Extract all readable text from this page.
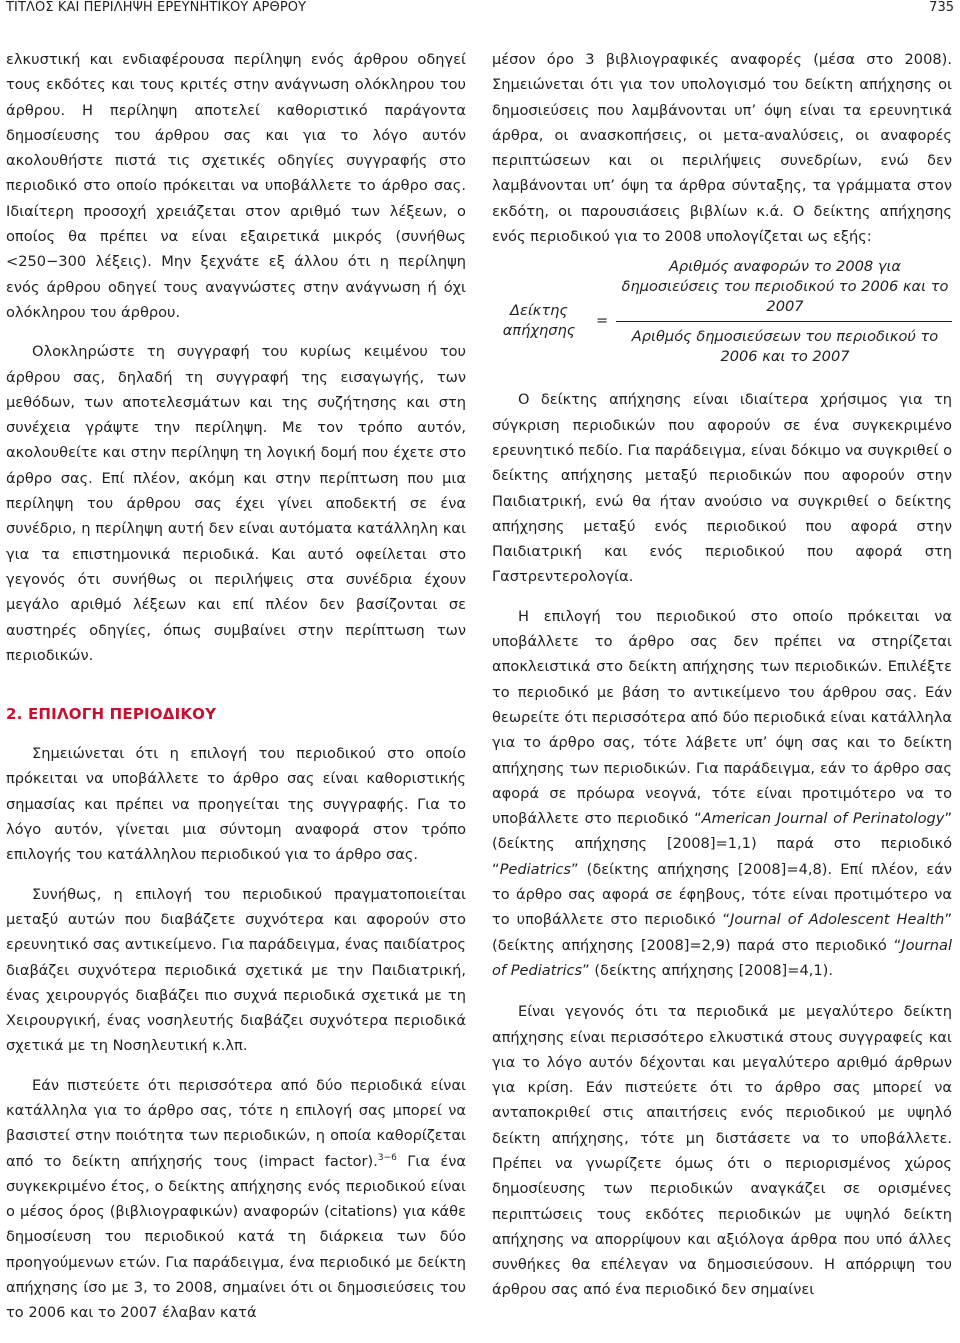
ΤΙΤΛΟΣ ΚΑΙ ΠΕΡΙΛΗΨΗ ΕΡΕΥΝΗΤΙΚΟΥ ΑΡΘΡΟΥ	735

ελκυστική και ενδιαφέρουσα περίληψη ενός άρθρου οδηγεί τους εκδότες και τους κριτές στην ανάγνωση ολόκληρου του άρθρου. Η περίληψη αποτελεί καθοριστικό παράγοντα δημοσίευσης του άρθρου σας και για το λόγο αυτόν ακολουθήστε πιστά τις σχετικές οδηγίες συγγραφής στο περιοδικό στο οποίο πρόκειται να υποβάλλετε το άρθρο σας. Ιδιαίτερη προσοχή χρειάζεται στον αριθμό των λέξεων, ο οποίος θα πρέπει να είναι εξαιρετικά μικρός (συνήθως <250−300 λέξεις). Μην ξεχνάτε εξ άλλου ότι η περίληψη ενός άρθρου οδηγεί τους αναγνώστες στην ανάγνωση ή όχι ολόκληρου του άρθρου.

Ολοκληρώστε τη συγγραφή του κυρίως κειμένου του άρθρου σας, δηλαδή τη συγγραφή της εισαγωγής, των μεθόδων, των αποτελεσμάτων και της συζήτησης και στη συνέχεια γράψτε την περίληψη. Με τον τρόπο αυτόν, ακολουθείτε και στην περίληψη τη λογική δομή που έχετε στο άρθρο σας. Επί πλέον, ακόμη και στην περίπτωση που μια περίληψη του άρθρου σας έχει γίνει αποδεκτή σε ένα συνέδριο, η περίληψη αυτή δεν είναι αυτόματα κατάλληλη και για τα επιστημονικά περιοδικά. Και αυτό οφείλεται στο γεγονός ότι συνήθως οι περιλήψεις στα συνέδρια έχουν μεγάλο αριθμό λέξεων και επί πλέον δεν βασίζονται σε αυστηρές οδηγίες, όπως συμβαίνει στην περίπτωση των περιοδικών.

2. ΕΠΙΛΟΓΗ ΠΕΡΙΟΔΙΚΟΥ

Σημειώνεται ότι η επιλογή του περιοδικού στο οποίο πρόκειται να υποβάλλετε το άρθρο σας είναι καθοριστικής σημασίας και πρέπει να προηγείται της συγγραφής. Για το λόγο αυτόν, γίνεται μια σύντομη αναφορά στον τρόπο επιλογής του κατάλληλου περιοδικού για το άρθρο σας.

Συνήθως, η επιλογή του περιοδικού πραγματοποιείται μεταξύ αυτών που διαβάζετε συχνότερα και αφορούν στο ερευνητικό σας αντικείμενο. Για παράδειγμα, ένας παιδίατρος διαβάζει συχνότερα περιοδικά σχετικά με την Παιδιατρική, ένας χειρουργός διαβάζει πιο συχνά περιοδικά σχετικά με τη Χειρουργική, ένας νοσηλευτής διαβάζει συχνότερα περιοδικά σχετικά με τη Νοσηλευτική κ.λπ.

Εάν πιστεύετε ότι περισσότερα από δύο περιοδικά είναι κατάλληλα για το άρθρο σας, τότε η επιλογή σας μπορεί να βασιστεί στην ποιότητα των περιοδικών, η οποία καθορίζεται από το δείκτη απήχησής τους (impact factor).$^{3-6}$ Για ένα συγκεκριμένο έτος, ο δείκτης απήχησης ενός περιοδικού είναι ο μέσος όρος (βιβλιογραφικών) αναφορών (citations) για κάθε δημοσίευση του περιοδικού κατά τη διάρκεια των δύο προηγούμενων ετών. Για παράδειγμα, ένα περιοδικό με δείκτη απήχησης ίσο με 3, το 2008, σημαίνει ότι οι δημοσιεύσεις του το 2006 και το 2007 έλαβαν κατά

μέσον όρο 3 βιβλιογραφικές αναφορές (μέσα στο 2008). Σημειώνεται ότι για τον υπολογισμό του δείκτη απήχησης οι δημοσιεύσεις που λαμβάνονται υπ’ όψη είναι τα ερευνητικά άρθρα, οι ανασκοπήσεις, οι μετα-αναλύσεις, οι αναφορές περιπτώσεων και οι περιλήψεις συνεδρίων, ενώ δεν λαμβάνονται υπ’ όψη τα άρθρα σύνταξης, τα γράμματα στον εκδότη, οι παρουσιάσεις βιβλίων κ.ά. Ο δείκτης απήχησης ενός περιοδικού για το 2008 υπολογίζεται ως εξής:

Δείκτης απήχησης
=
Αριθμός αναφορών το 2008 για δημοσιεύσεις του περιοδικού το 2006 και το 2007
Αριθμός δημοσιεύσεων του περιοδικού το 2006 και το 2007

Ο δείκτης απήχησης είναι ιδιαίτερα χρήσιμος για τη σύγκριση περιοδικών που αφορούν σε ένα συγκεκριμένο ερευνητικό πεδίο. Για παράδειγμα, είναι δόκιμο να συγκριθεί ο δείκτης απήχησης μεταξύ περιοδικών που αφορούν στην Παιδιατρική, ενώ θα ήταν ανούσιο να συγκριθεί ο δείκτης απήχησης μεταξύ ενός περιοδικού που αφορά στην Παιδιατρική και ενός περιοδικού που αφορά στη Γαστρεντερολογία.

Η επιλογή του περιοδικού στο οποίο πρόκειται να υποβάλλετε το άρθρο σας δεν πρέπει να στηρίζεται αποκλειστικά στο δείκτη απήχησης των περιοδικών. Επιλέξτε το περιοδικό με βάση το αντικείμενο του άρθρου σας. Εάν θεωρείτε ότι περισσότερα από δύο περιοδικά είναι κατάλληλα για το άρθρο σας, τότε λάβετε υπ’ όψη σας και το δείκτη απήχησης των περιοδικών. Για παράδειγμα, εάν το άρθρο σας αφορά σε πρόωρα νεογνά, τότε είναι προτιμότερο να το υποβάλλετε στο περιοδικό “American Journal of Perinatology” (δείκτης απήχησης [2008]=1,1) παρά στο περιοδικό “Pediatrics” (δείκτης απήχησης [2008]=4,8). Επί πλέον, εάν το άρθρο σας αφορά σε έφηβους, τότε είναι προτιμότερο να το υποβάλλετε στο περιοδικό “Journal of Adolescent Health” (δείκτης απήχησης [2008]=2,9) παρά στο περιοδικό “Journal of Pediatrics” (δείκτης απήχησης [2008]=4,1).

Είναι γεγονός ότι τα περιοδικά με μεγαλύτερο δείκτη απήχησης είναι περισσότερο ελκυστικά στους συγγραφείς και για το λόγο αυτόν δέχονται και μεγαλύτερο αριθμό άρθρων για κρίση. Εάν πιστεύετε ότι το άρθρο σας μπορεί να ανταποκριθεί στις απαιτήσεις ενός περιοδικού με υψηλό δείκτη απήχησης, τότε μη διστάσετε να το υποβάλλετε. Πρέπει να γνωρίζετε όμως ότι ο περιορισμένος χώρος δημοσίευσης των περιοδικών αναγκάζει σε ορισμένες περιπτώσεις τους εκδότες περιοδικών με υψηλό δείκτη απήχησης να απορρίψουν και αξιόλογα άρθρα που υπό άλλες συνθήκες θα επέλεγαν να δημοσιεύσουν. Η απόρριψη του άρθρου σας από ένα περιοδικό δεν σημαίνει
